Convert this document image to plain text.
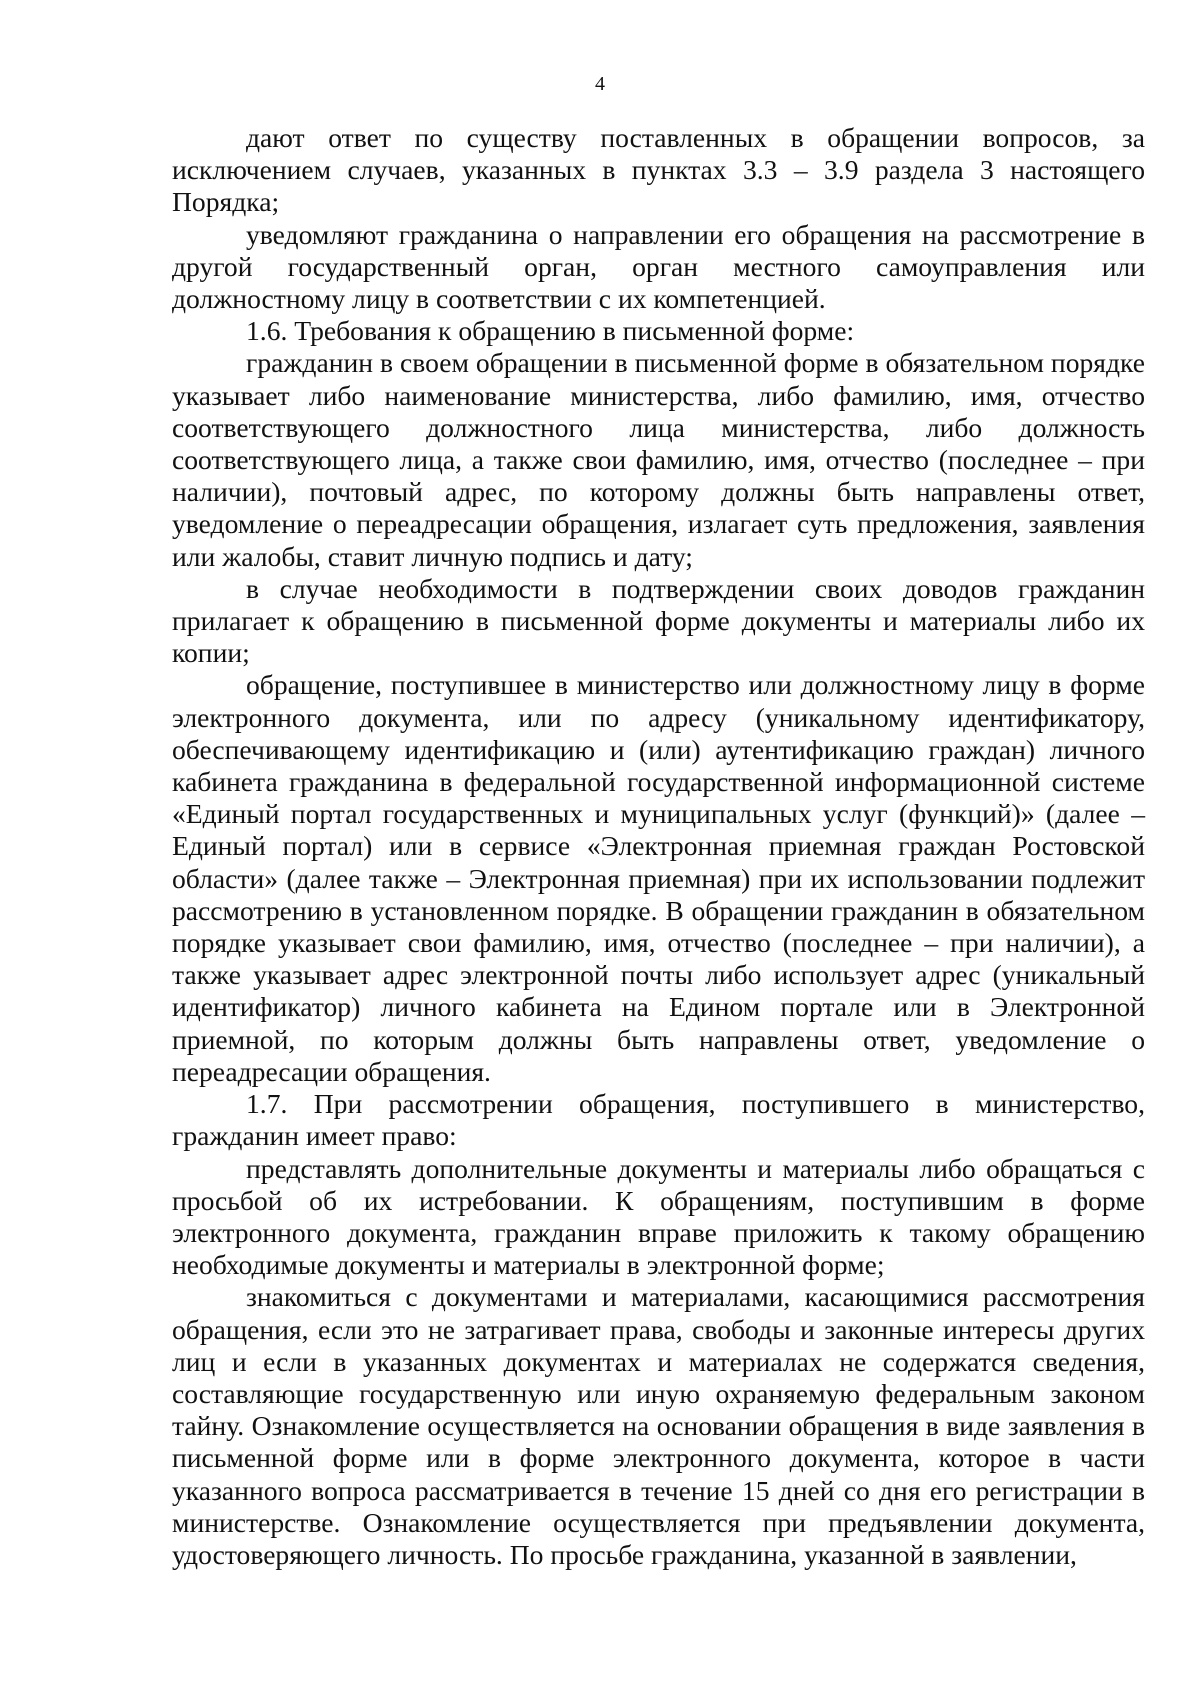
4

дают ответ по существу поставленных в обращении вопросов, за исключением случаев, указанных в пунктах 3.3 – 3.9 раздела 3 настоящего Порядка;

уведомляют гражданина о направлении его обращения на рассмотрение в другой государственный орган, орган местного самоуправления или должностному лицу в соответствии с их компетенцией.

1.6. Требования к обращению в письменной форме:

гражданин в своем обращении в письменной форме в обязательном порядке указывает либо наименование министерства, либо фамилию, имя, отчество соответствующего должностного лица министерства, либо должность соответствующего лица, а также свои фамилию, имя, отчество (последнее – при наличии), почтовый адрес, по которому должны быть направлены ответ, уведомление о переадресации обращения, излагает суть предложения, заявления или жалобы, ставит личную подпись и дату;

в случае необходимости в подтверждении своих доводов гражданин прилагает к обращению в письменной форме документы и материалы либо их копии;

обращение, поступившее в министерство или должностному лицу в форме электронного документа, или по адресу (уникальному идентификатору, обеспечивающему идентификацию и (или) аутентификацию граждан) личного кабинета гражданина в федеральной государственной информационной системе «Единый портал государственных и муниципальных услуг (функций)» (далее – Единый портал) или в сервисе «Электронная приемная граждан Ростовской области» (далее также – Электронная приемная) при их использовании подлежит рассмотрению в установленном порядке. В обращении гражданин в обязательном порядке указывает свои фамилию, имя, отчество (последнее – при наличии), а также указывает адрес электронной почты либо использует адрес (уникальный идентификатор) личного кабинета на Едином портале или в Электронной приемной, по которым должны быть направлены ответ, уведомление о переадресации обращения.

1.7. При рассмотрении обращения, поступившего в министерство, гражданин имеет право:

представлять дополнительные документы и материалы либо обращаться с просьбой об их истребовании. К обращениям, поступившим в форме электронного документа, гражданин вправе приложить к такому обращению необходимые документы и материалы в электронной форме;

знакомиться с документами и материалами, касающимися рассмотрения обращения, если это не затрагивает права, свободы и законные интересы других лиц и если в указанных документах и материалах не содержатся сведения, составляющие государственную или иную охраняемую федеральным законом тайну. Ознакомление осуществляется на основании обращения в виде заявления в письменной форме или в форме электронного документа, которое в части указанного вопроса рассматривается в течение 15 дней со дня его регистрации в министерстве. Ознакомление осуществляется при предъявлении документа, удостоверяющего личность. По просьбе гражданина, указанной в заявлении,
